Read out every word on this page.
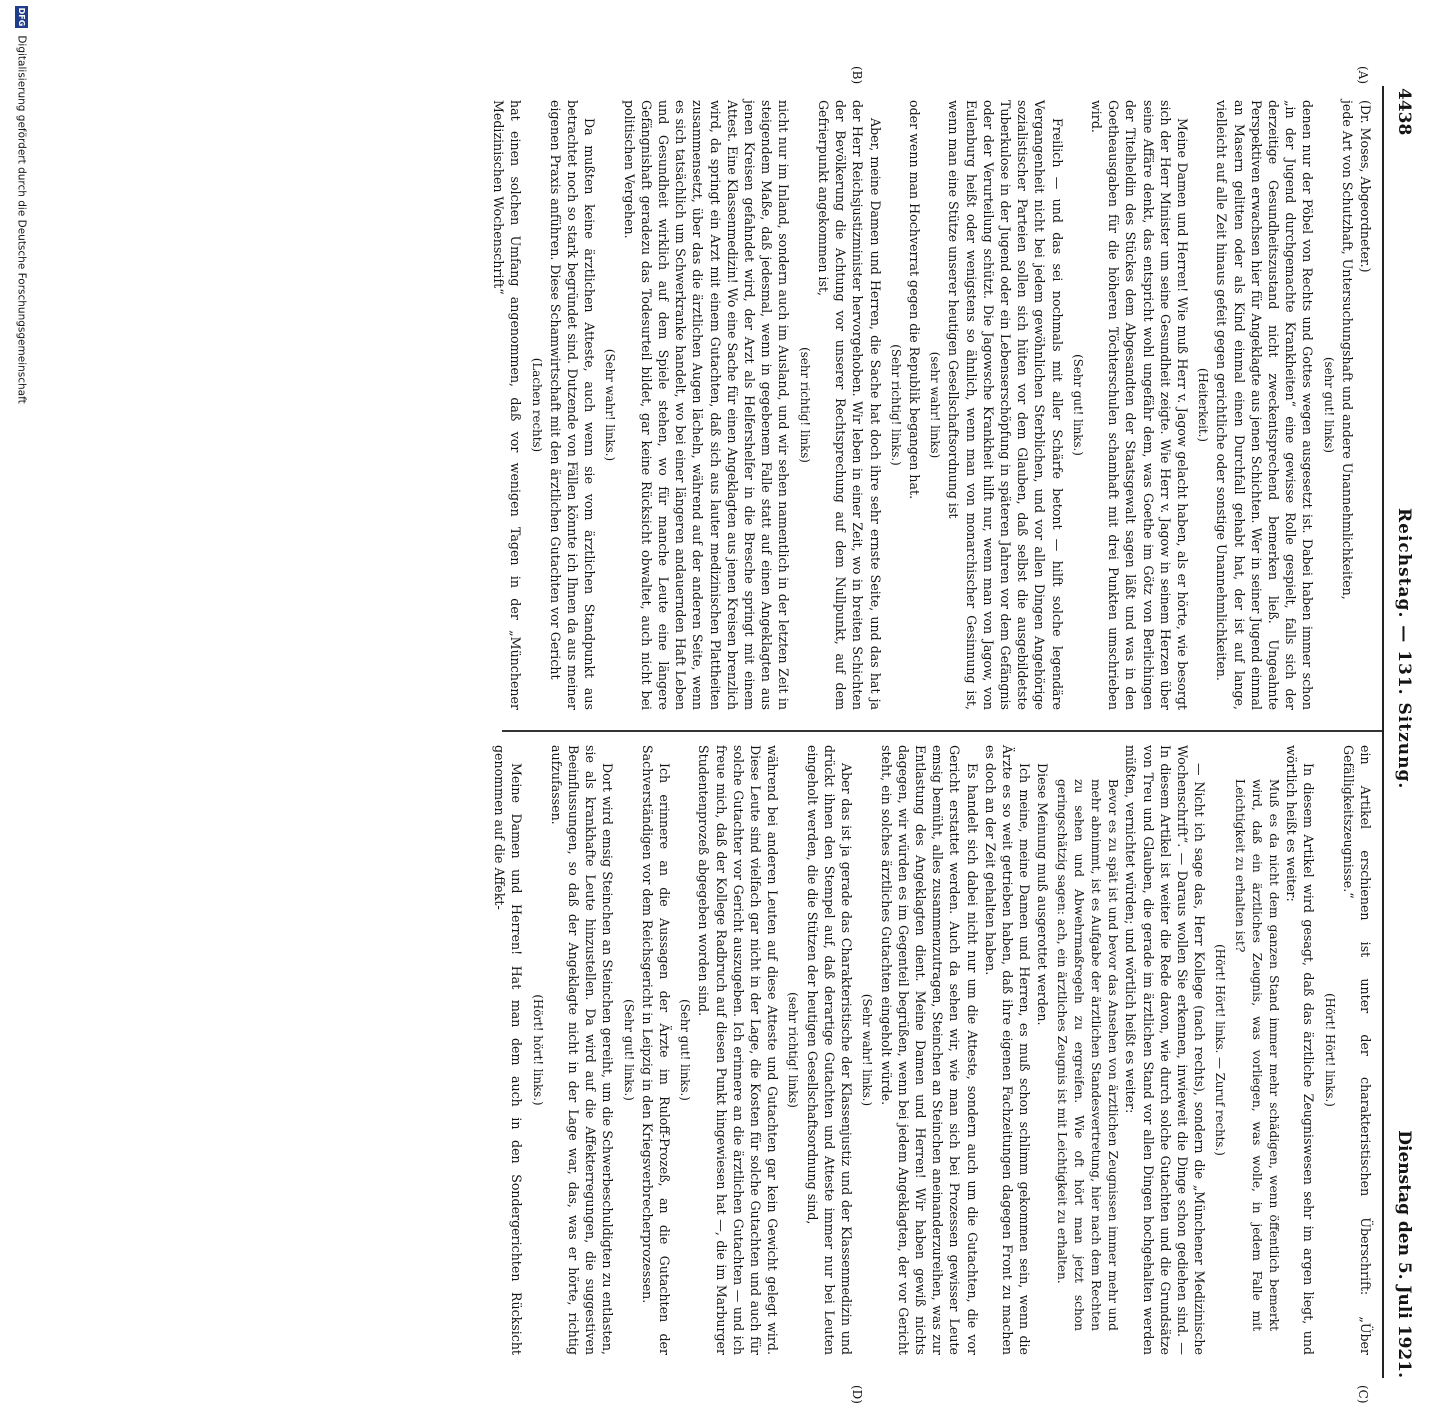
4438
Reichstag. — 131. Sitzung.
Dienstag den 5. Juli 1921.
(A)
(B)
(C)
(D)

(Dr. Moses, Abgeordneter.)

jede Art von Schutzhaft, Untersuchungshaft und andere Unannehmlichkeiten,

(sehr gut! links)

denen nur der Pöbel von Rechts und Gottes wegen ausgesetzt ist. Dabei haben immer schon „in der Jugend durchgemachte Krankheiten“ eine gewisse Rolle gespielt, falls sich der derzeitige Gesundheitszustand nicht zweckentsprechend bemerken ließ. Ungeahnte Perspektiven erwachsen hier für Angeklagte aus jenen Schichten. Wer in seiner Jugend einmal an Masern gelitten oder als Kind einmal einen Durchfall gehabt hat, der ist auf lange, vielleicht auf alle Zeit hinaus gefeit gegen gerichtliche oder sonstige Unannehmlichkeiten.

(Heiterkeit.)

Meine Damen und Herren! Wie muß Herr v. Jagow gelacht haben, als er hörte, wie besorgt sich der Herr Minister um seine Gesundheit zeigte. Wie Herr v. Jagow in seinem Herzen über seine Affäre denkt, das entspricht wohl ungefähr dem, was Goethe im Götz von Berlichingen der Titelheldin des Stückes dem Abgesandten der Staatsgewalt sagen läßt und was in den Goetheausgaben für die höheren Töchterschulen schamhaft mit drei Punkten umschrieben wird.

(Sehr gut! links.)

Freilich — und das sei nochmals mit aller Schärfe betont — hilft solche legendäre Vergangenheit nicht bei jedem gewöhnlichen Sterblichen, und vor allen Dingen Angehörige sozialistischer Parteien sollen sich hüten vor dem Glauben, daß selbst die ausgebildetste Tuberkulose in der Jugend oder ein Lebenserschöpfung in späteren Jahren vor dem Gefängnis oder der Verurteilung schützt. Die Jagowsche Krankheit hilft nur, wenn man von Jagow, von Eulenburg heißt oder wenigstens so ähnlich, wenn man von monarchischer Gesinnung ist, wenn man eine Stütze unserer heutigen Gesellschaftsordnung ist

(sehr wahr! links)

oder wenn man Hochverrat gegen die Republik begangen hat.

(Sehr richtig! links.)

Aber, meine Damen und Herren, die Sache hat doch ihre sehr ernste Seite, und das hat ja der Herr Reichsjustizminister hervorgehoben. Wir leben in einer Zeit, wo in breiten Schichten der Bevölkerung die Achtung vor unserer Rechtsprechung auf dem Nullpunkt, auf dem Gefrierpunkt angekommen ist,

(sehr richtig! links)

nicht nur im Inland, sondern auch im Ausland, und wir sehen namentlich in der letzten Zeit in steigendem Maße, daß jedesmal, wenn in gegebenem Falle statt auf einen Angeklagten aus jenen Kreisen gefahndet wird, der Arzt als Helfershelfer in die Bresche springt mit einem Attest. Eine Klassenmedizin! Wo eine Sache für einen Angeklagten aus jenen Kreisen brenzlich wird, da springt ein Arzt mit einem Gutachten, daß sich aus lauter medizinischen Plattheiten zusammensetzt, über das die ärztlichen Augen lächeln, während auf der anderen Seite, wenn es sich tatsächlich um Schwerkranke handelt, wo bei einer längeren andauernden Haft Leben und Gesundheit wirklich auf dem Spiele stehen, wo für manche Leute eine längere Gefängnishaft geradezu das Todesurteil bildet, gar keine Rücksicht obwaltet, auch nicht bei politischen Vergehen.

(Sehr wahr! links.)

Da mußten keine ärztlichen Atteste, auch wenn sie vom ärztlichen Standpunkt aus betrachtet noch so stark begründet sind. Dutzende von Fällen könnte ich Ihnen da aus meiner eigenen Praxis anführen. Diese Schamwirtschaft mit den ärztlichen Gutachten vor Gericht

(Lachen rechts)

hat einen solchen Umfang angenommen, daß vor wenigen Tagen in der „Münchener Medizinischen Wochenschrift“

ein Artikel erschienen ist unter der charakteristischen Überschrift: „Über Gefälligkeitszeugnisse.“

(Hört! Hört! links.)

In diesem Artikel wird gesagt, daß das ärztliche Zeugniswesen sehr im argen liegt, und wörtlich heißt es weiter:

Muß es da nicht dem ganzen Stand immer mehr schädigen, wenn öffentlich bemerkt wird, daß ein ärztliches Zeugnis, was vorliegen, was wolle, in jedem Falle mit Leichtigkeit zu erhalten ist?

(Hört! Hört! links. — Zuruf rechts.)

— Nicht ich sage das, Herr Kollege (nach rechts), sondern die „Münchener Medizinische Wochenschrift“. — Daraus wollen Sie erkennen, inwieweit die Dinge schon gediehen sind. — In diesem Artikel ist weiter die Rede davon, wie durch solche Gutachten und die Grundsätze von Treu und Glauben, die gerade im ärztlichen Stand vor allen Dingen hochgehalten werden müßten, vernichtet würden; und wörtlich heißt es weiter:

Bevor es zu spät ist und bevor das Ansehen von ärztlichen Zeugnissen immer mehr und mehr abnimmt, ist es Aufgabe der ärztlichen Standesvertretung, hier nach dem Rechten zu sehen und Abwehrmaßregeln zu ergreifen. Wie oft hört man jetzt schon geringschätzig sagen: ach, ein ärztliches Zeugnis ist mit Leichtigkeit zu erhalten.

Diese Meinung muß ausgerottet werden.

Ich meine, meine Damen und Herren, es muß schon schlimm gekommen sein, wenn die Ärzte es so weit getrieben haben, daß ihre eigenen Fachzeitungen dagegen Front zu machen es doch an der Zeit gehalten haben.

Es handelt sich dabei nicht nur um die Atteste, sondern auch um die Gutachten, die vor Gericht erstattet werden. Auch da sehen wir, wie man sich bei Prozessen gewisser Leute emsig bemüht, alles zusammenzutragen, Steinchen an Steinchen aneinanderzureihen, was zur Entlastung des Angeklagten dient. Meine Damen und Herren! Wir haben gewiß nichts dagegen, wir würden es im Gegenteil begrüßen, wenn bei jedem Angeklagten, der vor Gericht steht, ein solches ärztliches Gutachten eingeholt würde.

(Sehr wahr! links.)

Aber das ist ja gerade das Charakteristische der Klassenjustiz und der Klassenmedizin und drückt ihnen den Stempel auf, daß derartige Gutachten und Atteste immer nur bei Leuten eingeholt werden, die die Stützen der heutigen Gesellschaftsordnung sind,

(sehr richtig! links)

während bei anderen Leuten auf diese Atteste und Gutachten gar kein Gewicht gelegt wird. Diese Leute sind vielfach gar nicht in der Lage, die Kosten für solche Gutachten und auch für solche Gutachter vor Gericht auszugeben. Ich erinnere an die ärztlichen Gutachten — und ich freue mich, daß der Kollege Radbruch auf diesen Punkt hingewiesen hat —, die im Marburger Studentenprozeß abgegeben worden sind.

(Sehr gut! links.)

Ich erinnere an die Aussagen der Ärzte im Ruloff-Prozeß, an die Gutachten der Sachverständigen vor dem Reichsgericht in Leipzig in den Kriegsverbrecherprozessen.

(Sehr gut! links.)

Dort wird emsig Steinchen an Steinchen gereiht, um die Schwerbeschuldigten zu entlasten, sie als krankhafte Leute hinzustellen. Da wird auf die Affekterregungen, die suggestiven Beeinflussungen, so daß der Angeklagte nicht in der Lage war, das, was er hörte, richtig aufzufassen.

(Hört! hört! links.)

Meine Damen und Herren! Hat man dem auch in den Sondergerichten Rücksicht genommen auf die Affekt-

DFG Digitalisierung gefördert durch die Deutsche Forschungsgemeinschaft
